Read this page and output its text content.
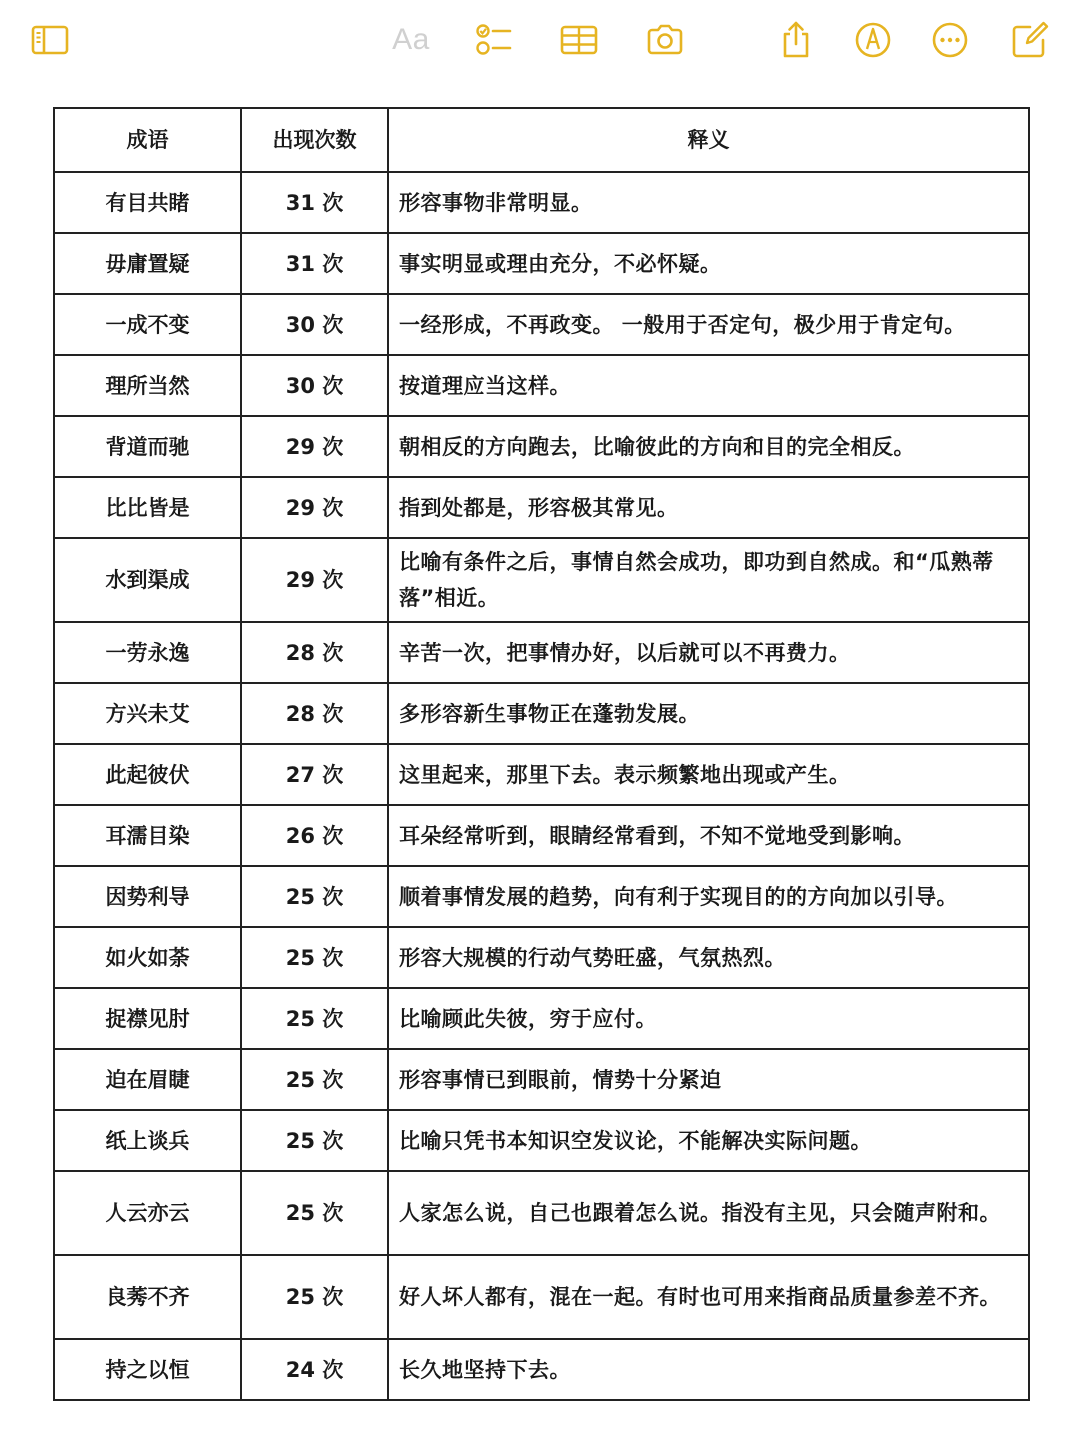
Aa
成语	出现次数	释义
有目共睹	31 次	形容事物非常明显。
毋庸置疑	31 次	事实明显或理由充分，不必怀疑。
一成不变	30 次	一经形成，不再政变。 一般用于否定句，极少用于肯定句。
理所当然	30 次	按道理应当这样。
背道而驰	29 次	朝相反的方向跑去，比喻彼此的方向和目的完全相反。
比比皆是	29 次	指到处都是，形容极其常见。
水到渠成	29 次	比喻有条件之后，事情自然会成功，即功到自然成。和“瓜熟蒂落”相近。
一劳永逸	28 次	辛苦一次，把事情办好，以后就可以不再费力。
方兴未艾	28 次	多形容新生事物正在蓬勃发展。
此起彼伏	27 次	这里起来，那里下去。表示频繁地出现或产生。
耳濡目染	26 次	耳朵经常听到，眼睛经常看到，不知不觉地受到影响。
因势利导	25 次	顺着事情发展的趋势，向有利于实现目的的方向加以引导。
如火如荼	25 次	形容大规模的行动气势旺盛，气氛热烈。
捉襟见肘	25 次	比喻顾此失彼，穷于应付。
迫在眉睫	25 次	形容事情已到眼前，情势十分紧迫
纸上谈兵	25 次	比喻只凭书本知识空发议论，不能解决实际问题。
人云亦云	25 次	人家怎么说，自己也跟着怎么说。指没有主见，只会随声附和。
良莠不齐	25 次	好人坏人都有，混在一起。有时也可用来指商品质量参差不齐。
持之以恒	24 次	长久地坚持下去。
